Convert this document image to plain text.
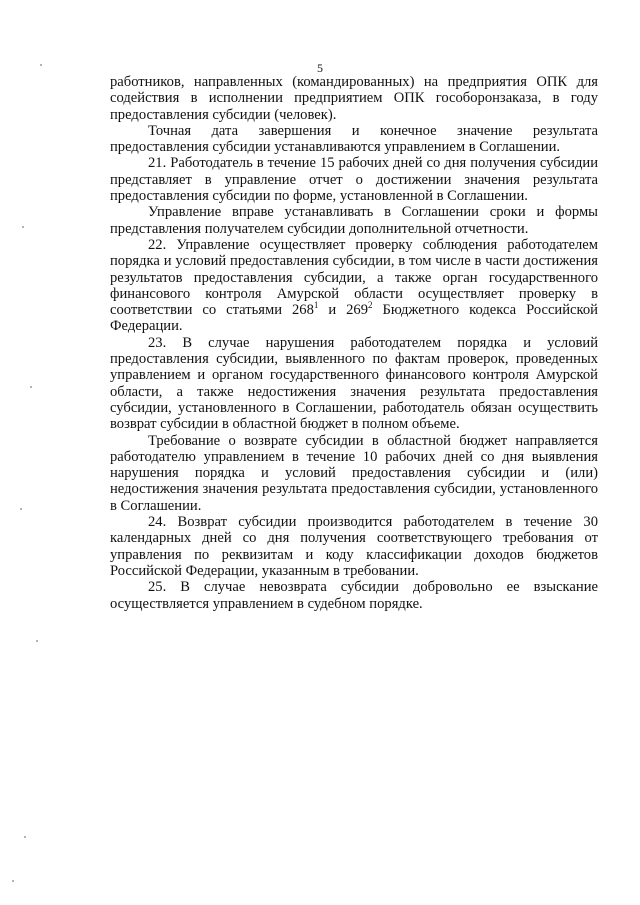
5

работников, направленных (командированных) на предприятия ОПК для содействия в исполнении предприятием ОПК гособоронзаказа, в году предоставления субсидии (человек).

Точная дата завершения и конечное значение результата предоставления субсидии устанавливаются управлением в Соглашении.

21. Работодатель в течение 15 рабочих дней со дня получения субсидии представляет в управление отчет о достижении значения результата предоставления субсидии по форме, установленной в Соглашении.

Управление вправе устанавливать в Соглашении сроки и формы представления получателем субсидии дополнительной отчетности.

22. Управление осуществляет проверку соблюдения работодателем порядка и условий предоставления субсидии, в том числе в части достижения результатов предоставления субсидии, а также орган государственного финансового контроля Амурской области осуществляет проверку в соответствии со статьями $268^1$ и $269^2$ Бюджетного кодекса Российской Федерации.

23. В случае нарушения работодателем порядка и условий предоставления субсидии, выявленного по фактам проверок, проведенных управлением и органом государственного финансового контроля Амурской области, а также недостижения значения результата предоставления субсидии, установленного в Соглашении, работодатель обязан осуществить возврат субсидии в областной бюджет в полном объеме.

Требование о возврате субсидии в областной бюджет направляется работодателю управлением в течение 10 рабочих дней со дня выявления нарушения порядка и условий предоставления субсидии и (или) недостижения значения результата предоставления субсидии, установленного в Соглашении.

24. Возврат субсидии производится работодателем в течение 30 календарных дней со дня получения соответствующего требования от управления по реквизитам и коду классификации доходов бюджетов Российской Федерации, указанным в требовании.

25. В случае невозврата субсидии добровольно ее взыскание осуществляется управлением в судебном порядке.
